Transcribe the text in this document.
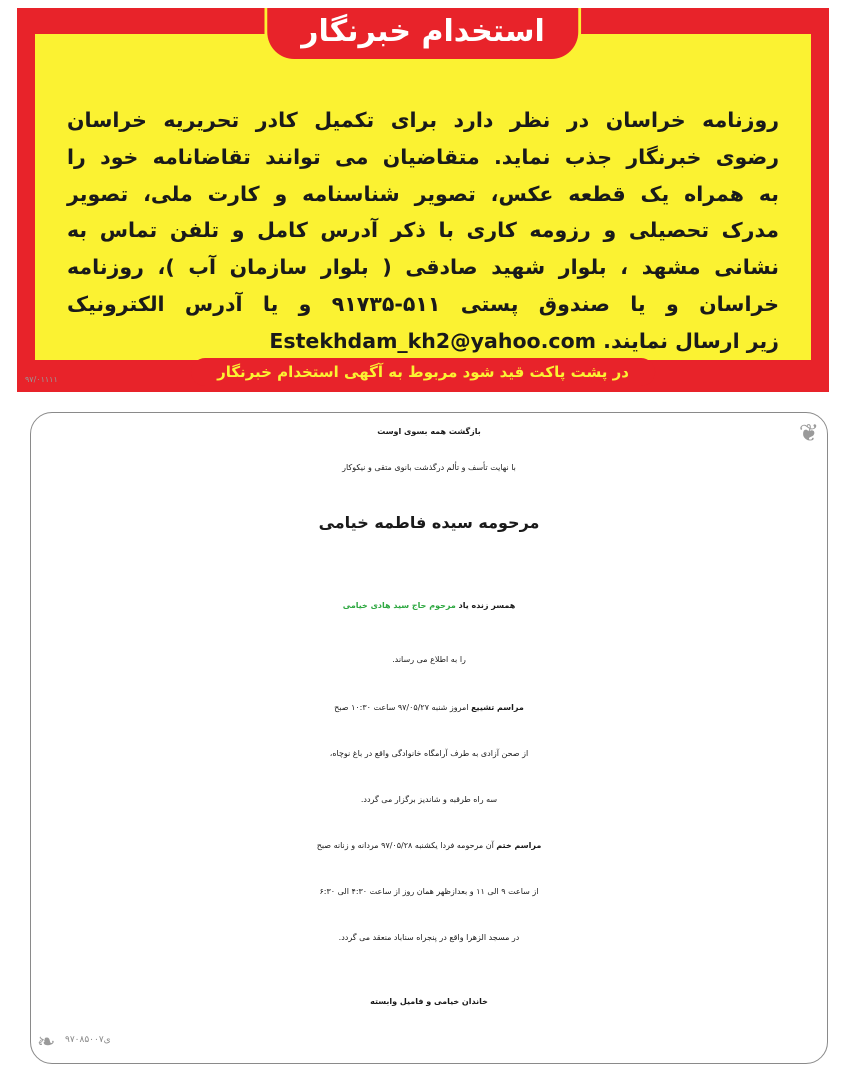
روزنامه خراسان در نظر دارد برای تکمیل کادر تحریریه خراسان
رضوی خبرنگار جذب نماید. متقاضیان می توانند تقاضانامه خود را
به همراه یک قطعه عکس، تصویر شناسنامه و کارت ملی، تصویر
مدرک تحصیلی و رزومه کاری با ذکر آدرس کامل و تلفن تماس به
نشانی مشهد ، بلوار شهید صادقی ( بلوار سازمان آب )، روزنامه
خراسان و یا صندوق پستی ۵۱۱-۹۱۷۳۵ و یا آدرس الکترونیک
زیر ارسال نمایند. Estekhdam_kh2@yahoo.com
استخدام خبرنگار
در پشت پاکت قید شود مربوط به آگهی استخدام خبرنگار
۹۷/۰۱۱۱۱
❦
❧ ی۹۷۰۸۵۰۰۷
بازگشت همه بسوی اوست
با نهایت تأسف و تألم درگذشت بانوی متقی و نیکوکار
مرحومه سیده فاطمه خیامی
همسر زنده یاد مرحوم حاج سید هادی خیامی
را به اطلاع می رساند.
مراسم تشییع امروز شنبه ۹۷/۰۵/۲۷ ساعت ۱۰:۳۰ صبح
از صحن آزادی به طرف آرامگاه خانوادگی واقع در باغ نوچاه،
سه راه طرقبه و شاندیز برگزار می گردد.
مراسم ختم آن مرحومه فردا یکشنبه ۹۷/۰۵/۲۸ مردانه و زنانه صبح
از ساعت ۹ الی ۱۱ و بعدازظهر همان روز از ساعت ۴:۳۰ الی ۶:۳۰
در مسجد الزهرا واقع در پنجراه سناباد منعقد می گردد.
خاندان خیامی و فامیل وابسته
